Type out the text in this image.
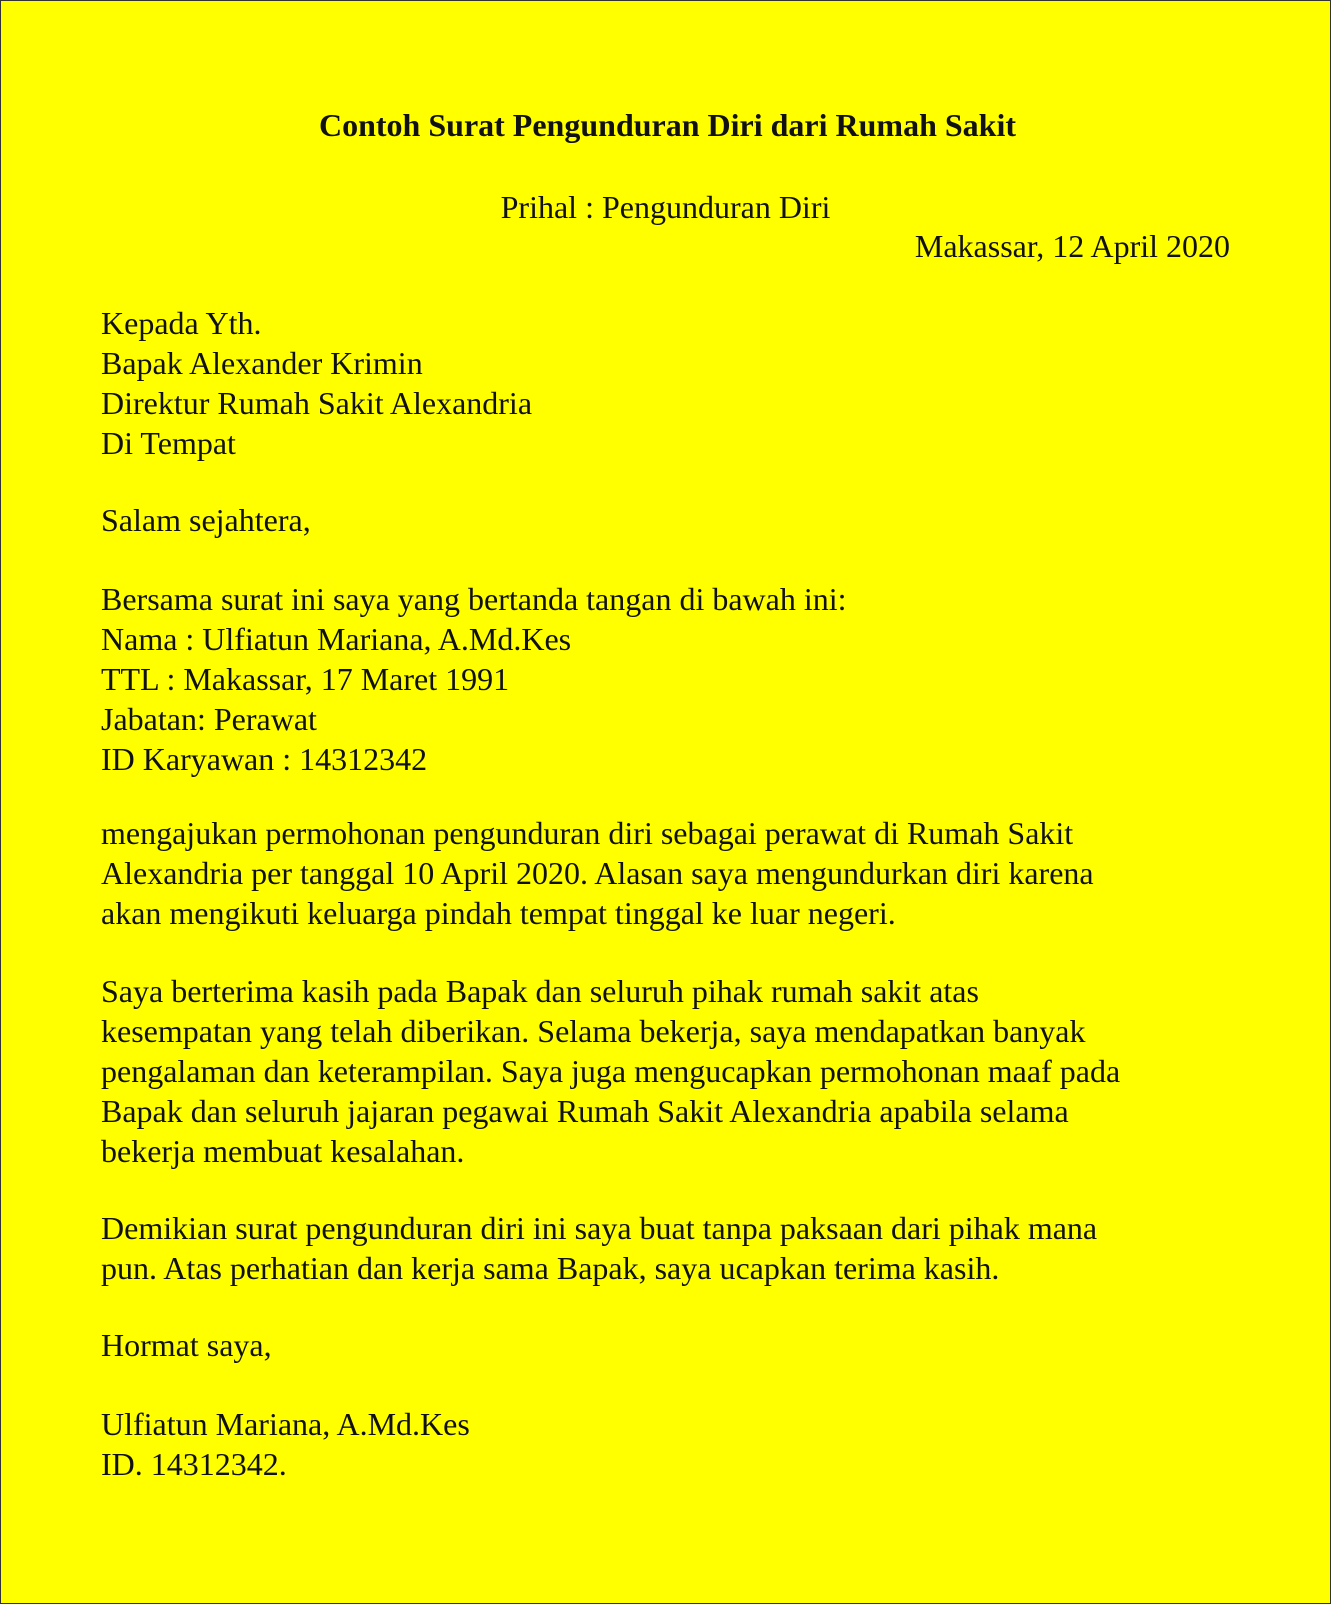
Contoh Surat Pengunduran Diri dari Rumah Sakit
Prihal : Pengunduran Diri
Makassar, 12 April 2020
Kepada Yth.
Bapak Alexander Krimin
Direktur Rumah Sakit Alexandria
Di Tempat
Salam sejahtera,
Bersama surat ini saya yang bertanda tangan di bawah ini:
Nama : Ulfiatun Mariana, A.Md.Kes
TTL : Makassar, 17 Maret 1991
Jabatan: Perawat
ID Karyawan : 14312342

mengajukan permohonan pengunduran diri sebagai perawat di Rumah Sakit
Alexandria per tanggal 10 April 2020. Alasan saya mengundurkan diri karena
akan mengikuti keluarga pindah tempat tinggal ke luar negeri.

Saya berterima kasih pada Bapak dan seluruh pihak rumah sakit atas
kesempatan yang telah diberikan. Selama bekerja, saya mendapatkan banyak
pengalaman dan keterampilan. Saya juga mengucapkan permohonan maaf pada
Bapak dan seluruh jajaran pegawai Rumah Sakit Alexandria apabila selama
bekerja membuat kesalahan.

Demikian surat pengunduran diri ini saya buat tanpa paksaan dari pihak mana
pun. Atas perhatian dan kerja sama Bapak, saya ucapkan terima kasih.

Hormat saya,
Ulfiatun Mariana, A.Md.Kes
ID. 14312342.
